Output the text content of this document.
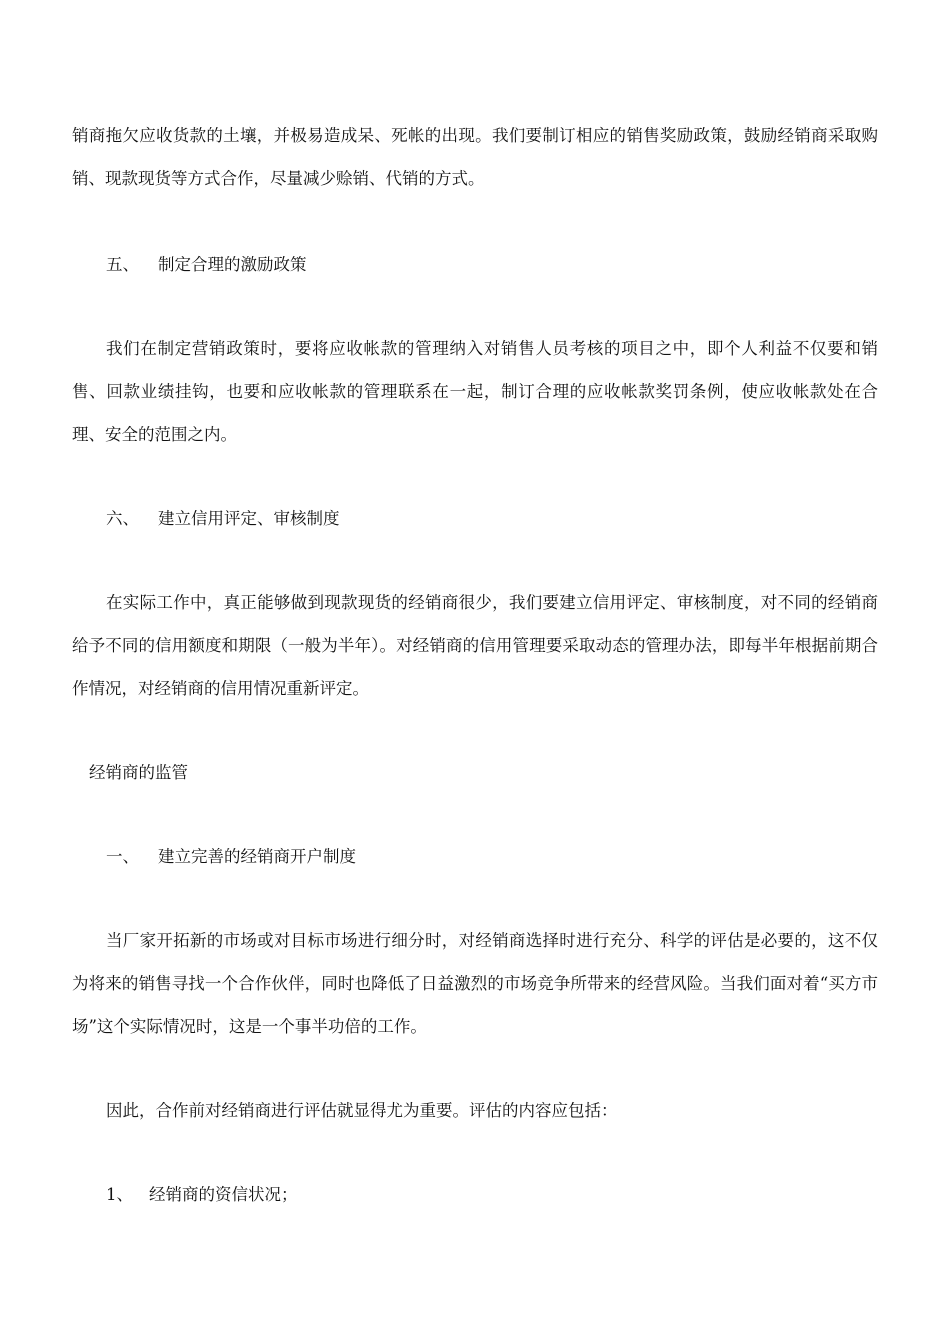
销商拖欠应收货款的土壤，并极易造成呆、死帐的出现。我们要制订相应的销售奖励政策，鼓励经销商采取购销、现款现货等方式合作，尽量减少赊销、代销的方式。

五、 制定合理的激励政策

我们在制定营销政策时，要将应收帐款的管理纳入对销售人员考核的项目之中，即个人利益不仅要和销售、回款业绩挂钩，也要和应收帐款的管理联系在一起，制订合理的应收帐款奖罚条例，使应收帐款处在合理、安全的范围之内。

六、 建立信用评定、审核制度

在实际工作中，真正能够做到现款现货的经销商很少，我们要建立信用评定、审核制度，对不同的经销商给予不同的信用额度和期限（一般为半年）。对经销商的信用管理要采取动态的管理办法，即每半年根据前期合作情况，对经销商的信用情况重新评定。

经销商的监管

一、 建立完善的经销商开户制度

当厂家开拓新的市场或对目标市场进行细分时，对经销商选择时进行充分、科学的评估是必要的，这不仅为将来的销售寻找一个合作伙伴，同时也降低了日益激烈的市场竞争所带来的经营风险。当我们面对着“买方市场”这个实际情况时，这是一个事半功倍的工作。

因此，合作前对经销商进行评估就显得尤为重要。评估的内容应包括：

1、 经销商的资信状况；
